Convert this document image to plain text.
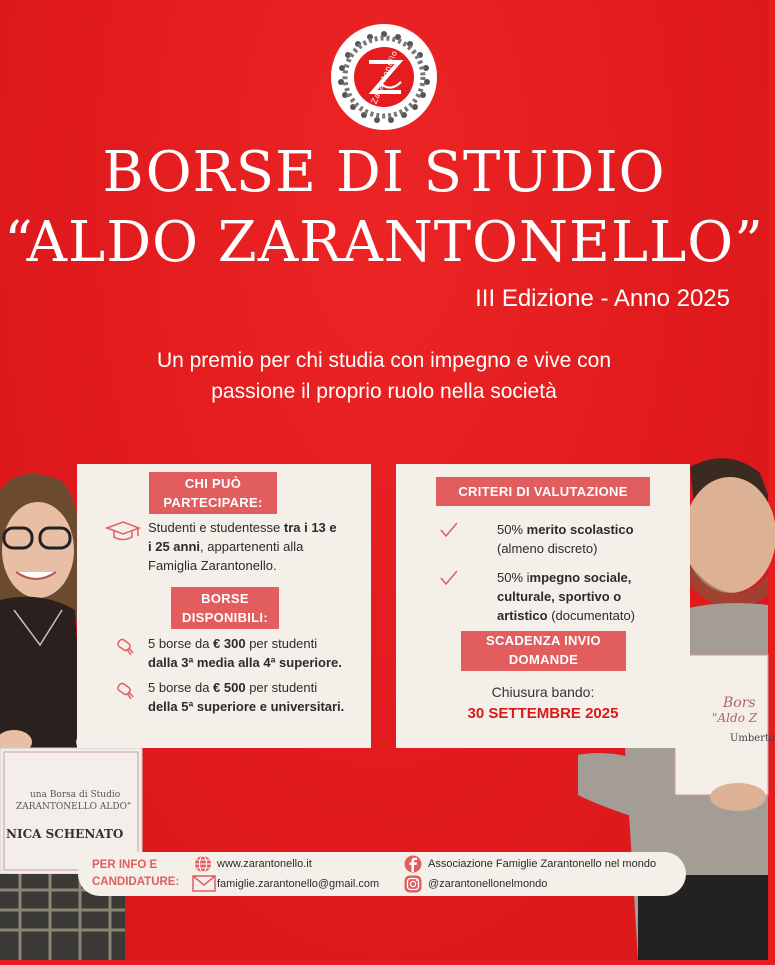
Zarantonello
BORSE DI STUDIO
“ALDO ZARANTONELLO”
III Edizione - Anno 2025
Un premio per chi studia con impegno e vive con
passione il proprio ruolo nella società
una Borsa di Studio
ZARANTONELLO ALDO"
NICA SCHENATO
Bors
"Aldo Z
Umberto
CHI PUÒ
PARTECIPARE:
Studenti e studentesse tra i 13 e
i 25 anni, appartenenti alla
Famiglia Zarantonello.
BORSE
DISPONIBILI:
5 borse da € 300 per studenti
dalla 3ª media alla 4ª superiore.
5 borse da € 500 per studenti
della 5ª superiore e universitari.
CRITERI DI VALUTAZIONE
50% merito scolastico
(almeno discreto)
50% impegno sociale,
culturale, sportivo o
artistico (documentato)
SCADENZA INVIO
DOMANDE
Chiusura bando:
30 SETTEMBRE 2025
PER INFO E
CANDIDATURE:
www.zarantonello.it
famiglie.zarantonello@gmail.com
Associazione Famiglie Zarantonello nel mondo
@zarantonellonelmondo
